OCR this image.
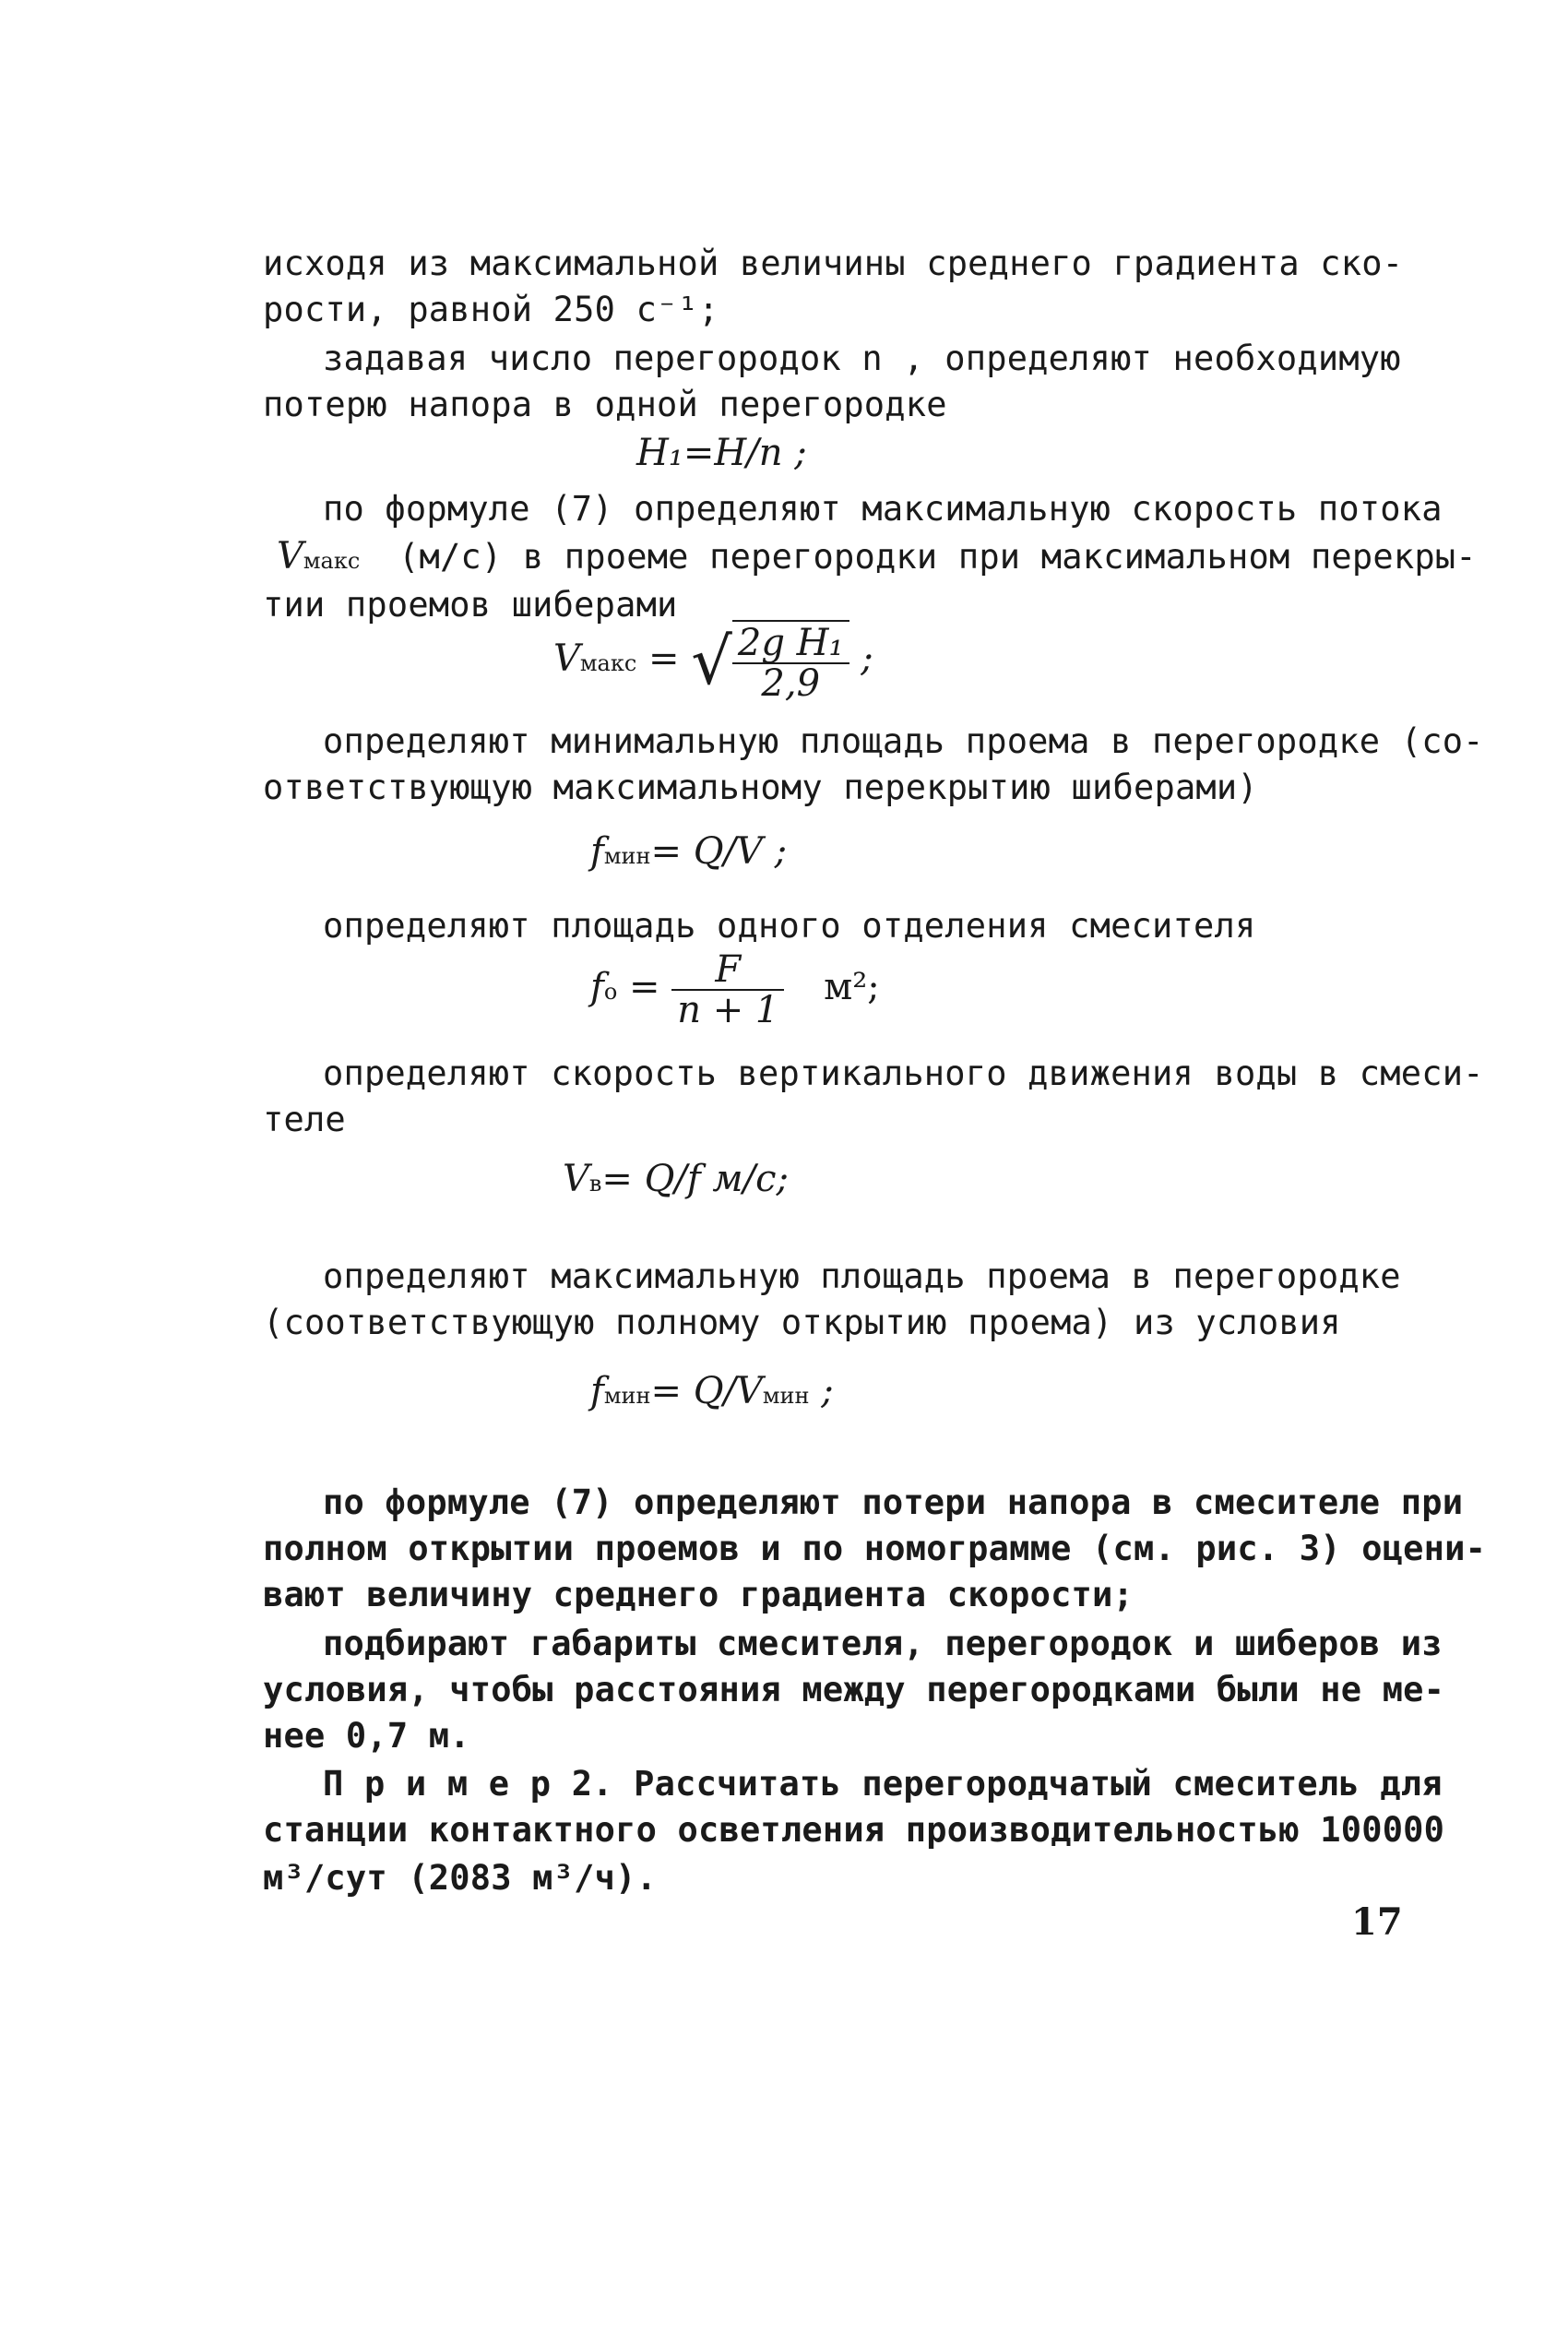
исходя из максимальной величины среднего градиента ско-
рости, равной 250 с⁻¹;
задавая число перегородок n , определяют необходимую
потерю напора в одной перегородке
H₁=H/n ;
по формуле (7) определяют максимальную скорость потока
Vмакс (м/с) в проеме перегородки при максимальном перекры-
тии проемов шиберами
Vмакс = √ $\frac{\text{2g H₁}}{2,9}$ ;
определяют минимальную площадь проема в перегородке (со-
ответствующую максимальному перекрытию шиберами)
fмин= Q/V ;
определяют площадь одного отделения смесителя
fo = $\frac{F}{n + 1} м^2$;
определяют скорость вертикального движения воды в смеси-
теле
Vв= Q/f м/с;
определяют максимальную площадь проема в перегородке
(соответствующую полному открытию проема) из условия
fмин= Q/Vмин ;
по формуле (7) определяют потери напора в смесителе при
полном открытии проемов и по номограмме (см. рис. 3) оцени-
вают величину среднего градиента скорости;
подбирают габариты смесителя, перегородок и шиберов из
условия, чтобы расстояния между перегородками были не ме-
нее 0,7 м.
П р и м е р 2. Рассчитать перегородчатый смеситель для
станции контактного осветления производительностью 100000
м³/сут (2083 м³/ч).
17
